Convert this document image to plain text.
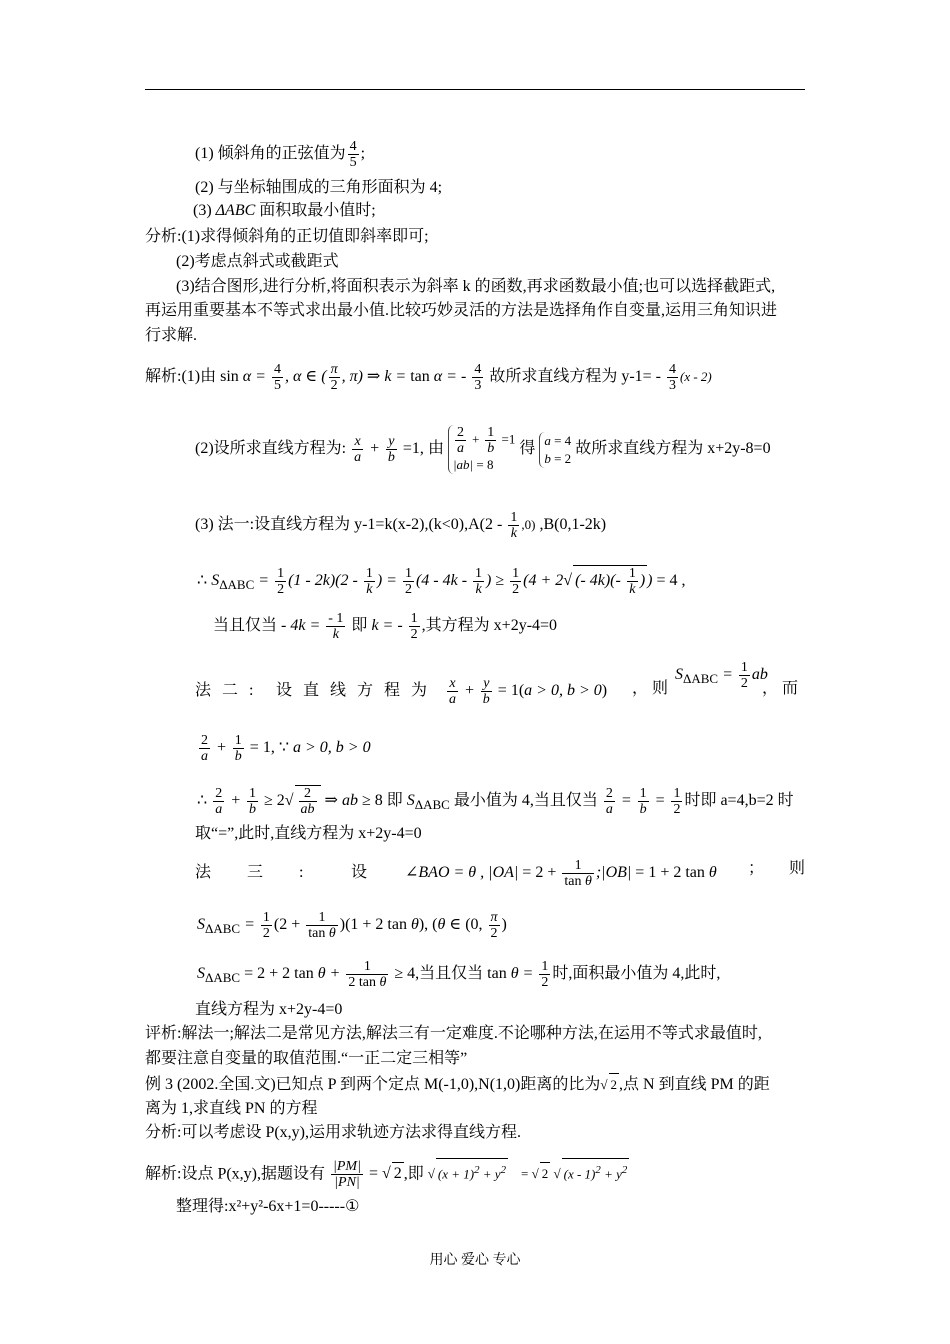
(1) 倾斜角的正弦值为 $\frac{4}{5}$ ;
(2) 与坐标轴围成的三角形面积为 4;
(3) ΔABC 面积取最小值时;
分析:(1)求得倾斜角的正切值即斜率即可;
(2)考虑点斜式或截距式
(3)结合图形,进行分析,将面积表示为斜率 k 的函数,再求函数最小值;也可以选择截距式,
再运用重要基本不等式求出最小值.比较巧妙灵活的方法是选择角作自变量,运用三角知识进
行求解.
解析:(1)由 $\sin \alpha = \frac{4}{5}$ , α ∈ ( $\frac{\pi}{2}$ , π) ⇒ k = tan α = - $\frac{4}{3}$ 故所求直线方程为 $y-1= - \frac{4}{3} (x - 2)$
(2)设所求直线方程为: $\frac{x}{a} + \frac{y}{b} =1$, 由 $\frac{2}{a} + \frac{1}{b} =1$
|ab| = 8
得
a = 4
b = 2
故所求直线方程为 x+2y-8=0
(3) 法一:设直线方程为 $y-1=k(x-2),(k<0),A(2 - \frac{1}{k} ,0)$ ,B(0,1-2k)
∴ $S_{\Delta ABC} = \frac{1}{2} (1 - 2k)(2 - \frac{1}{k}$ ) = $\frac{1}{2} (4 - 4k - \frac{1}{k}$ ) ≥ $\frac{1}{2} (4 + 2√$ (- $4k)(- \frac{1}{k}$ ) ) = 4 ,
当且仅当 - $4k = \frac{- 1}{k}$ 即 k = - $\frac{1}{2}$ ,其方程为 x+2y-4=0
法 二 : 设 直 线 方 程 为 $\frac{x}{a} + \frac{y}{b} = 1(a > 0$, b > 0) ， 则
$S_{\Delta ABC} = \frac{1}{2}$ ab
， 而
$\frac{2}{a} + \frac{1}{b} = 1$, ∵ a > 0, b > 0
∴ $\frac{2}{a} + \frac{1}{b} \ge 2√ \frac{2}{ab}$ ⇒ ab ≥ 8 即 $S_{\Delta ABC}$ 最小值为 4,当且仅当 $\frac{2}{a} = \frac{1}{b} = \frac{1}{2}$ 时即 a=4,b=2 时
取“=”,此时,直线方程为 x+2y-4=0
法 三 :	设 ∠BAO = θ , $|OA| = 2 + \frac{1}{\text{tan θ}}$ ;|OB| = 1 + 2 tan θ ； 则
$S_{\Delta ABC} = \frac{1}{2} (2 + \frac{1}{\text{tan θ}} )(1 + 2$ tan θ), (θ ∈ (0, $\frac{\pi}{2}$ )
$S_{\Delta ABC} = 2 + 2$ $\tan \theta + \frac{1}{\text{2 tan θ}} \ge 4$,当且仅当 $\tan \theta = \frac{1}{2}$ 时,面积最小值为 4,此时,
直线方程为 x+2y-4=0
评析:解法一;解法二是常见方法,解法三有一定难度.不论哪种方法,在运用不等式求最值时,
都要注意自变量的取值范围.“一正二定三相等”
例 3 (2002.全国.文)已知点 P 到两个定点 M(-1,0),N(1,0)距离的比为√ 2 ,点 N 到直线 PM 的距
离为 1,求直线 PN 的方程
分析:可以考虑设 P(x,y),运用求轨迹方法求得直线方程.
解析:设点 P(x,y),据题设有 $\frac{|PM|}{|PN|}$ = √ 2 ,即 √ $(x + 1)^2 + y^2$ = √ 2 √ $(x - 1)^2 + y^2$
整理得:x²+y²-6x+1=0-----①
用心 爱心 专心
